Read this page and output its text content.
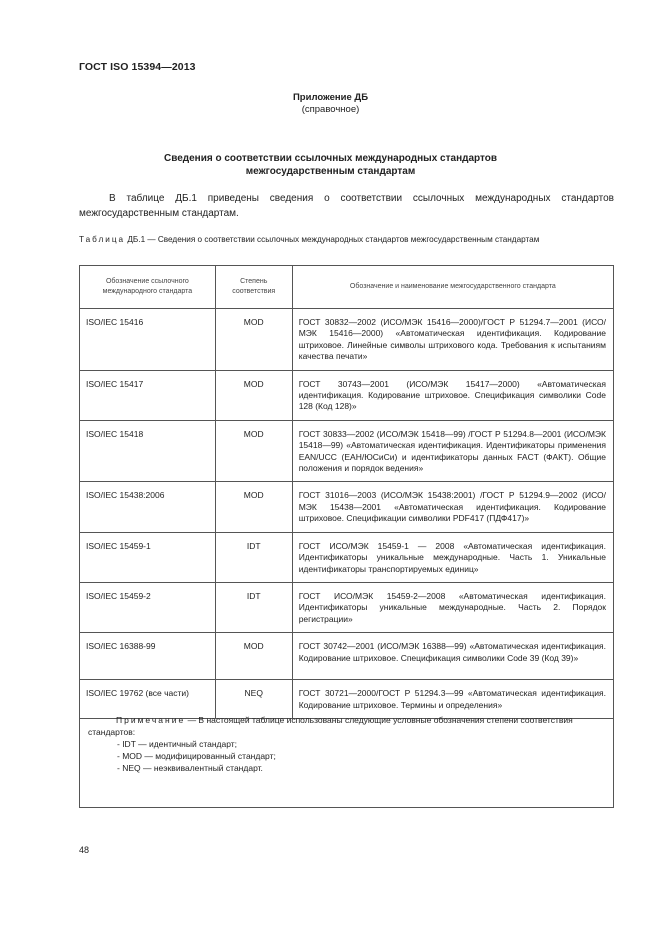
ГОСТ ISO 15394—2013
Приложение ДБ
(справочное)
Сведения о соответствии ссылочных международных стандартов
межгосударственным стандартам
В таблице ДБ.1 приведены сведения о соответствии ссылочных международных стандартов межгосударственным стандартам.
Таблица ДБ.1 — Сведения о соответствии ссылочных международных стандартов межгосударственным стандартам
Обозначение ссылочного международного стандарта	Степень соответствия	Обозначение и наименование межгосударственного стандарта
ISO/IEC 15416	MOD	ГОСТ 30832—2002 (ИСО/МЭК 15416—2000)/ГОСТ Р 51294.7—2001 (ИСО/МЭК 15416—2000) «Автоматическая идентификация. Кодирование штриховое. Линейные символы штрихового кода. Требования к испытаниям качества печати»
ISO/IEC 15417	MOD	ГОСТ 30743—2001 (ИСО/МЭК 15417—2000) «Автоматическая идентификация. Кодирование штриховое. Спецификация символики Code 128 (Код 128)»
ISO/IEC 15418	MOD	ГОСТ 30833—2002 (ИСО/МЭК 15418—99) /ГОСТ Р 51294.8—2001 (ИСО/МЭК 15418—99) «Автоматическая идентификация. Идентификаторы применения EAN/UCC (EAH/ЮСиСи) и идентификаторы данных FACT (ФАКТ). Общие положения и порядок ведения»
ISO/IEC 15438:2006	MOD	ГОСТ 31016—2003 (ИСО/МЭК 15438:2001) /ГОСТ Р 51294.9—2002 (ИСО/МЭК 15438—2001 «Автоматическая идентификация. Кодирование штриховое. Спецификации символики PDF417 (ПДФ417)»
ISO/IEC 15459-1	IDT	ГОСТ ИСО/МЭК 15459-1 — 2008 «Автоматическая идентификация. Идентификаторы уникальные международные. Часть 1. Уникальные идентификаторы транспортируемых единиц»
ISO/IEC 15459-2	IDT	ГОСТ ИСО/МЭК 15459-2—2008 «Автоматическая идентификация. Идентификаторы уникальные международные. Часть 2. Порядок регистрации»
ISO/IEC 16388-99	MOD	ГОСТ 30742—2001 (ИСО/МЭК 16388—99) «Автоматическая идентификация. Кодирование штриховое. Спецификация символики Code 39 (Код 39)»
ISO/IEC 19762 (все части)	NEQ	ГОСТ 30721—2000/ГОСТ Р 51294.3—99 «Автоматическая идентификация. Кодирование штриховое. Термины и определения»
Примечание — В настоящей таблице использованы следующие условные обозначения степени соответствия стандартов:
- IDT — идентичный стандарт;
- MOD — модифицированный стандарт;
- NEQ — неэквивалентный стандарт.
48
